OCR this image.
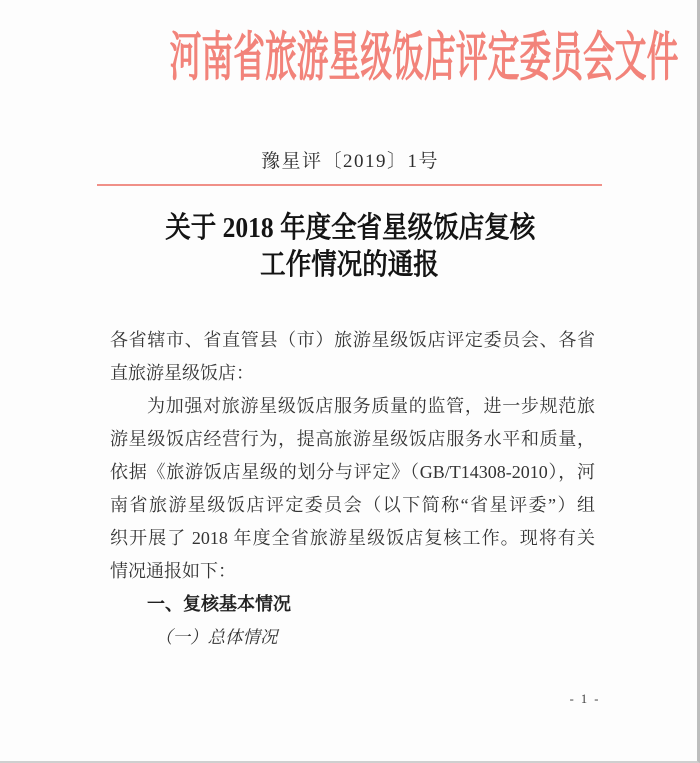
河南省旅游星级饭店评定委员会文件
豫星评〔2019〕1号
关于 2018 年度全省星级饭店复核
工作情况的通报
各省辖市、省直管县（市）旅游星级饭店评定委员会、各省
直旅游星级饭店：
为加强对旅游星级饭店服务质量的监管，进一步规范旅
游星级饭店经营行为，提高旅游星级饭店服务水平和质量，
依据《旅游饭店星级的划分与评定》（GB/T14308-2010），河
南省旅游星级饭店评定委员会（以下简称“省星评委”）组
织开展了 2018 年度全省旅游星级饭店复核工作。现将有关
情况通报如下：
一、复核基本情况
（一）总体情况
- 1 -
